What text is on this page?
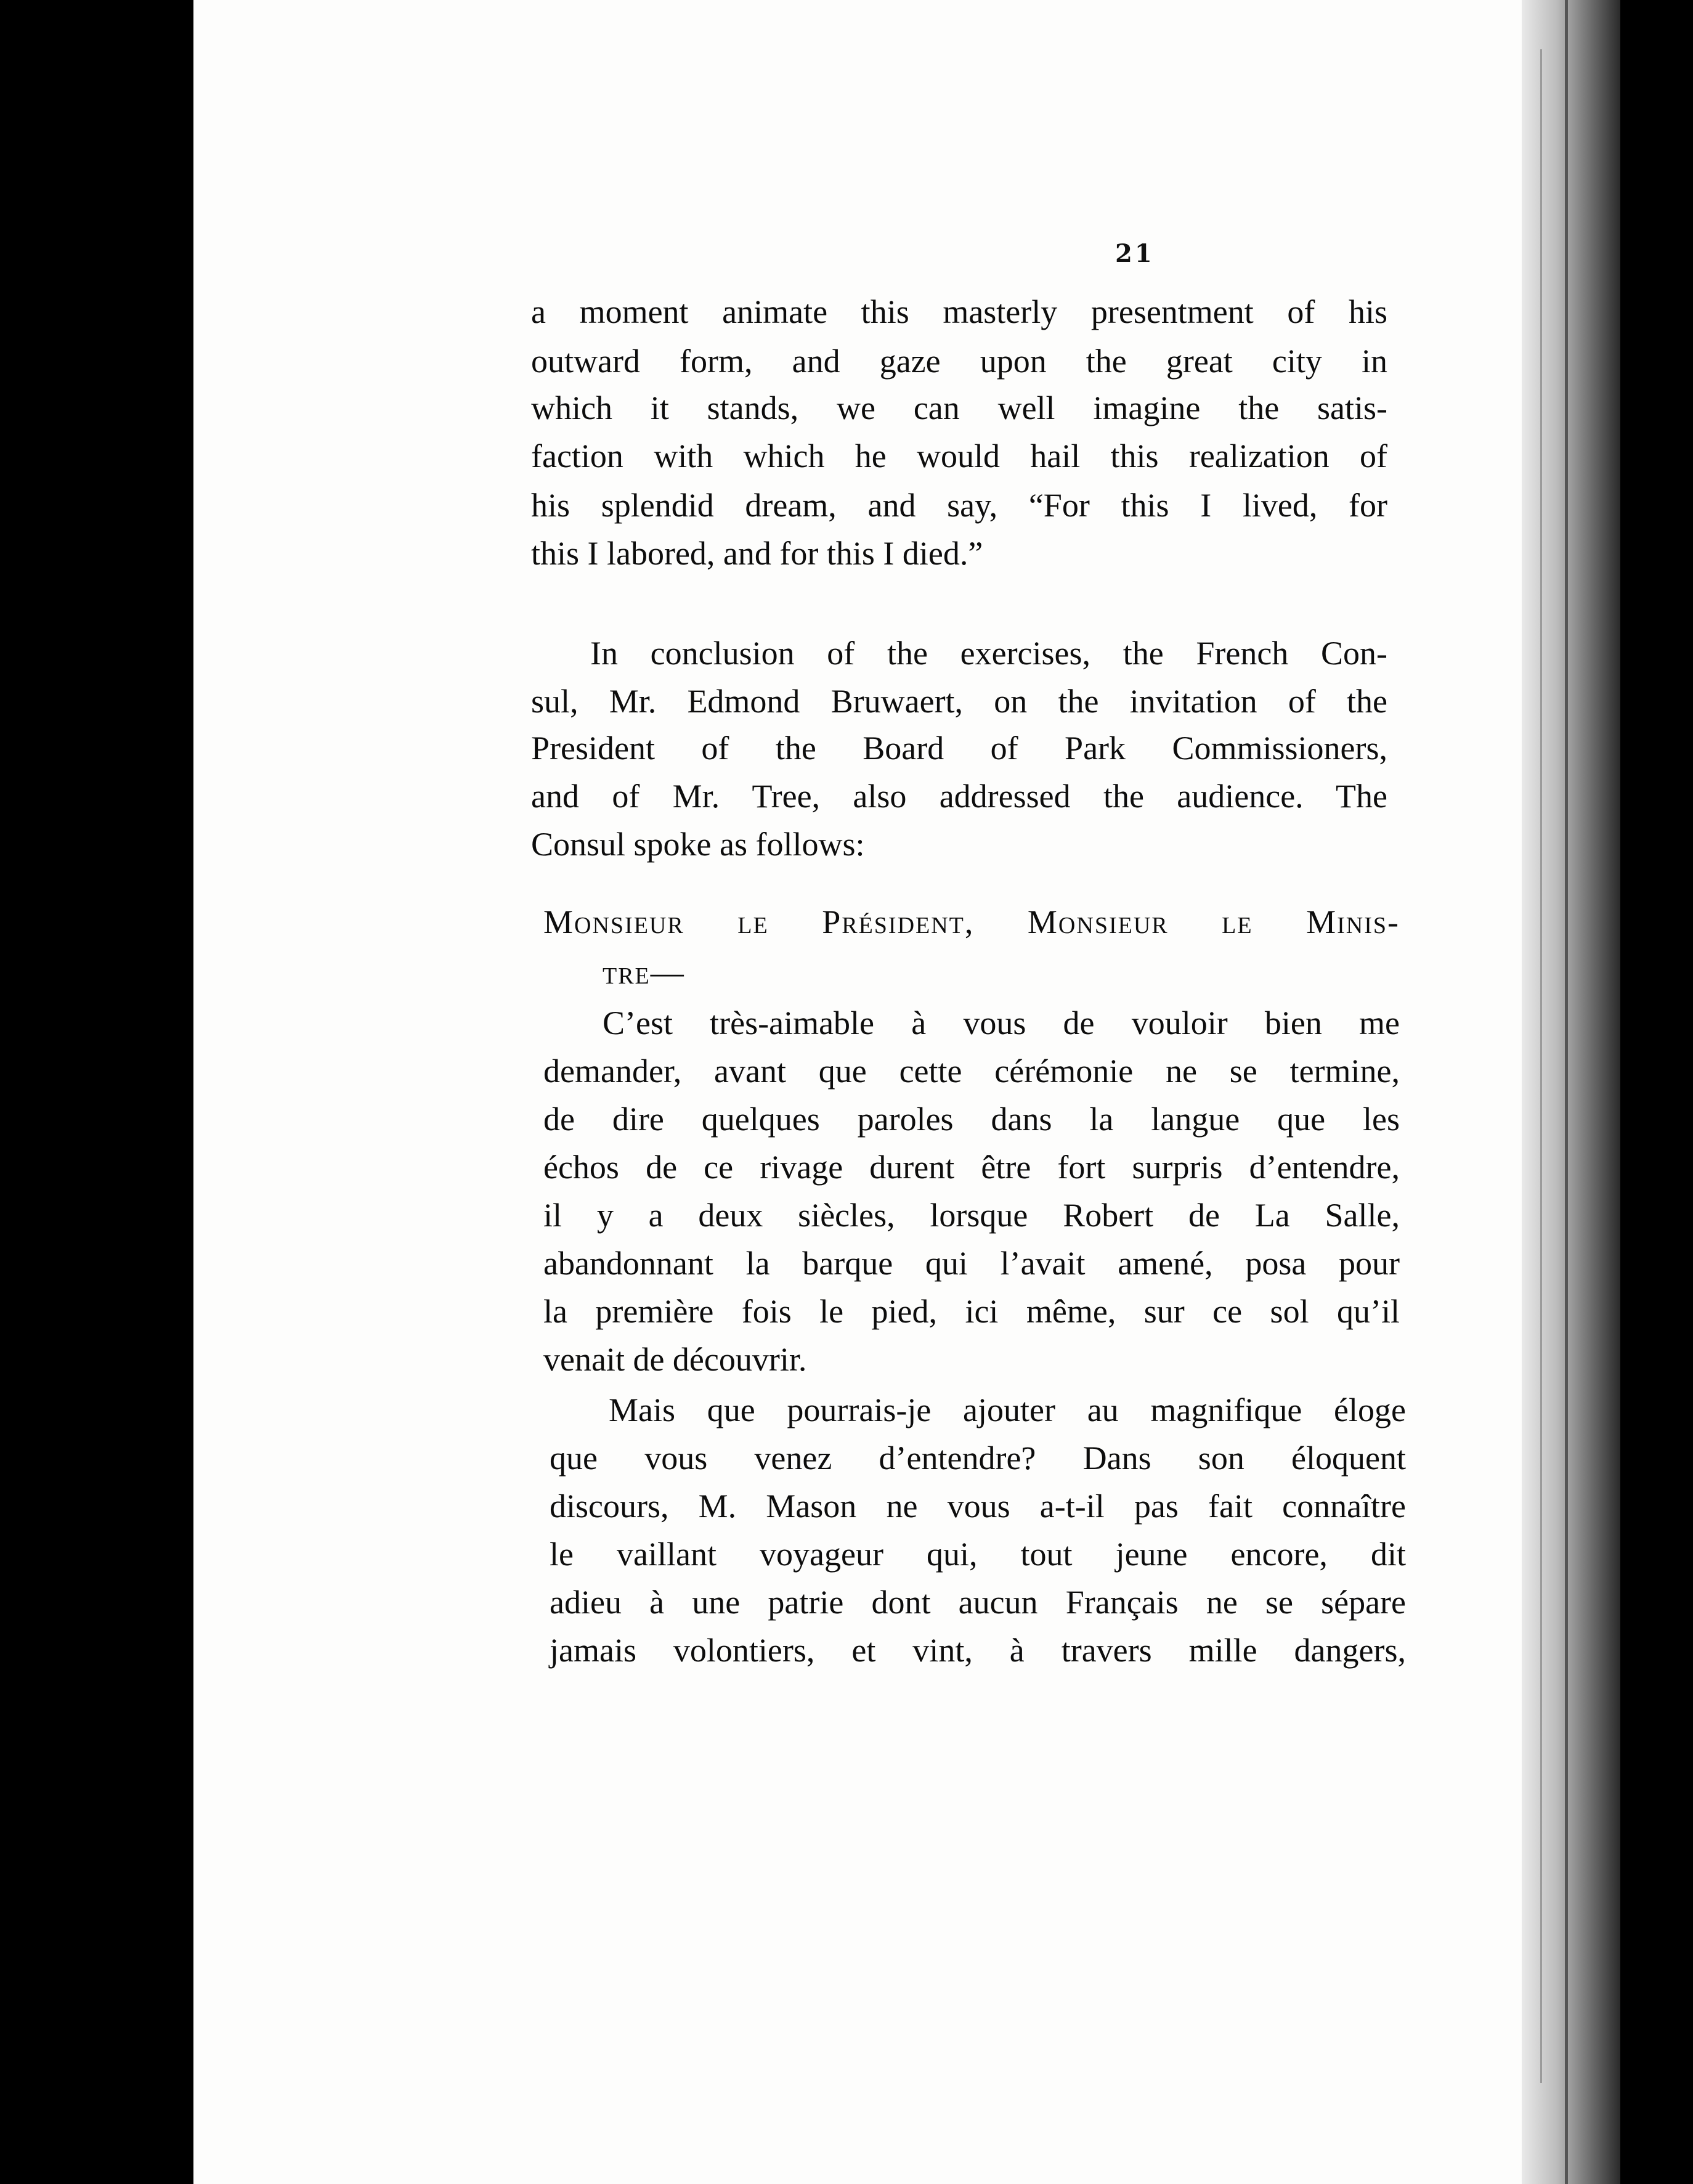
21

a moment animate this masterly presentment of his

outward form, and gaze upon the great city in

which it stands, we can well imagine the satis-

faction with which he would hail this realization of

his splendid dream, and say, “For this I lived, for

this I labored, and for this I died.”

In conclusion of the exercises, the French Con-

sul, Mr. Edmond Bruwaert, on the invitation of the

President of the Board of Park Commissioners,

and of Mr. Tree, also addressed the audience. The

Consul spoke as follows:

Monsieur le Président, Monsieur le Minis-

tre—

C’est très-aimable à vous de vouloir bien me

demander, avant que cette cérémonie ne se termine,

de dire quelques paroles dans la langue que les

échos de ce rivage durent être fort surpris d’entendre,

il y a deux siècles, lorsque Robert de La Salle,

abandonnant la barque qui l’avait amené, posa pour

la première fois le pied, ici même, sur ce sol qu’il

venait de découvrir.

Mais que pourrais-je ajouter au magnifique éloge

que vous venez d’entendre? Dans son éloquent

discours, M. Mason ne vous a-t-il pas fait connaître

le vaillant voyageur qui, tout jeune encore, dit

adieu à une patrie dont aucun Français ne se sépare

jamais volontiers, et vint, à travers mille dangers,
